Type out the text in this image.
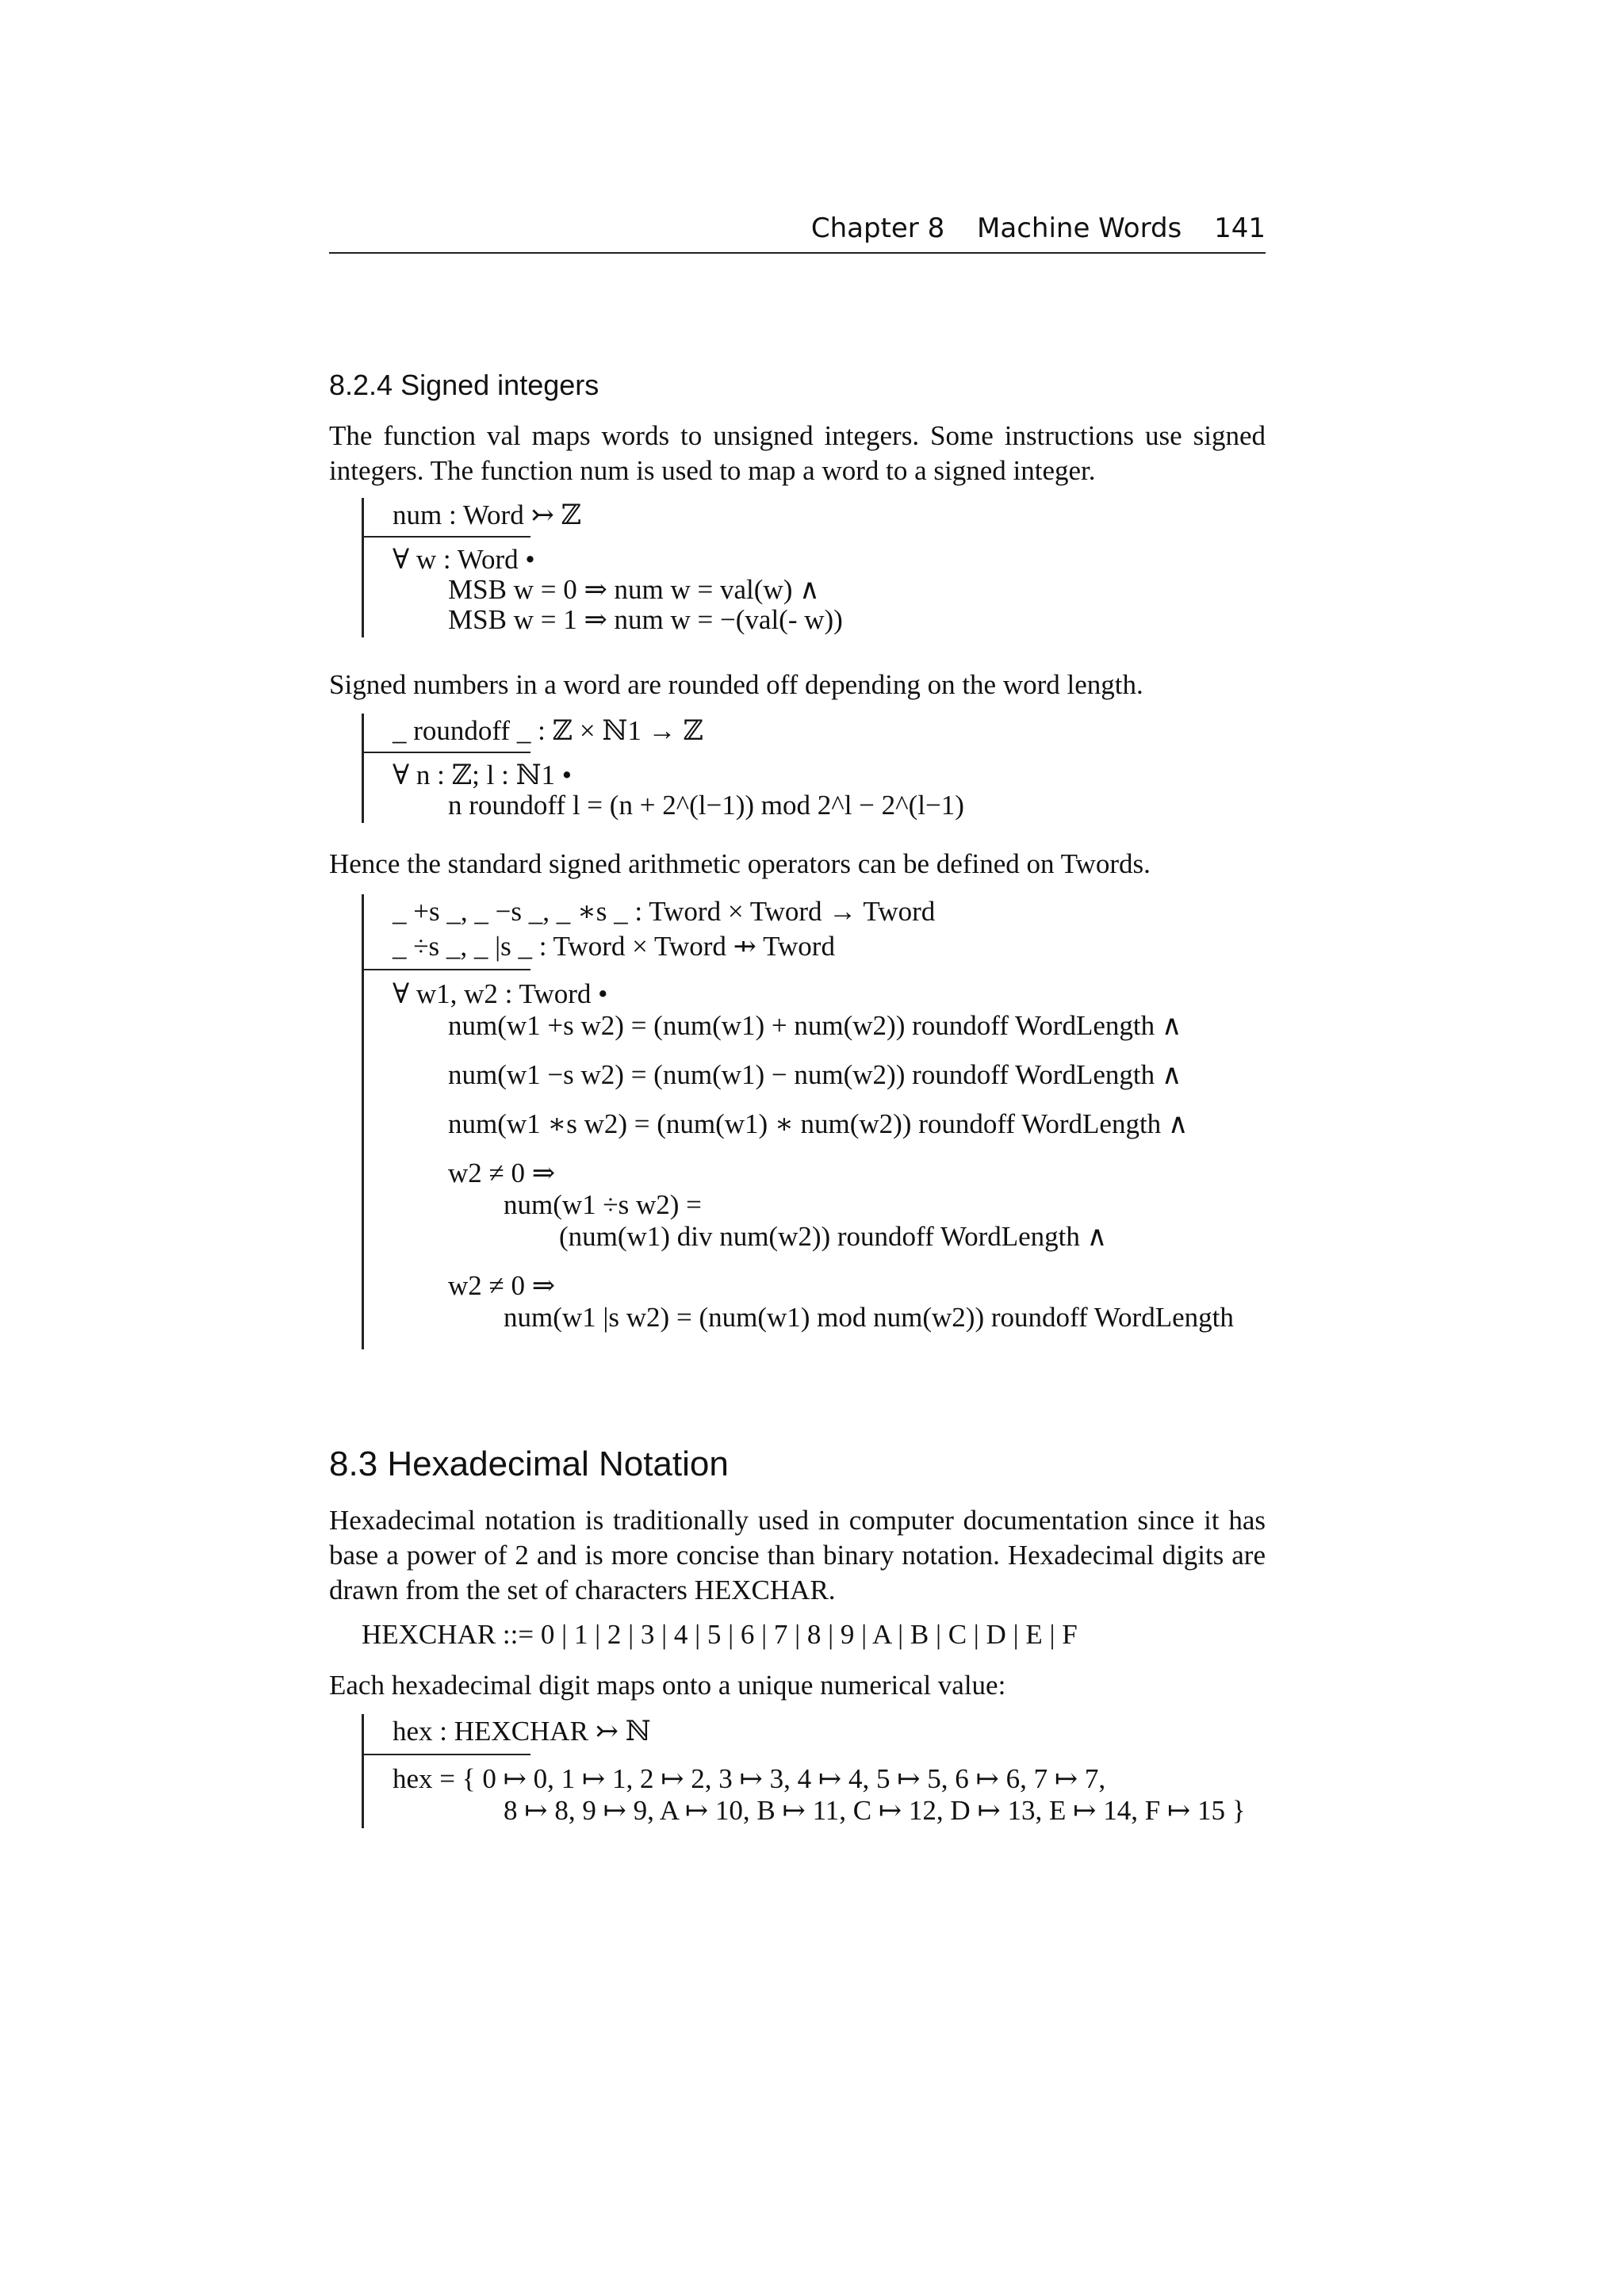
Chapter 8 Machine Words 141
8.2.4 Signed integers
The function val maps words to unsigned integers. Some instructions use signed integers. The function num is used to map a word to a signed integer.
num : Word ↣ ℤ
∀ w : Word •
MSB w = 0 ⇒ num w = val(w) ∧
MSB w = 1 ⇒ num w = −(val(- w))
Signed numbers in a word are rounded off depending on the word length.
_ roundoff _ : ℤ × ℕ1 → ℤ
∀ n : ℤ; l : ℕ1 •
n roundoff l = (n + 2^(l−1)) mod 2^l − 2^(l−1)
Hence the standard signed arithmetic operators can be defined on Twords.
_ +s _, _ −s _, _ ∗s _ : Tword × Tword → Tword
_ ÷s _, _ |s _ : Tword × Tword ⇸ Tword
∀ w1, w2 : Tword •
num(w1 +s w2) = (num(w1) + num(w2)) roundoff WordLength ∧
num(w1 −s w2) = (num(w1) − num(w2)) roundoff WordLength ∧
num(w1 ∗s w2) = (num(w1) ∗ num(w2)) roundoff WordLength ∧
w2 ≠ 0 ⇒
num(w1 ÷s w2) =
(num(w1) div num(w2)) roundoff WordLength ∧
w2 ≠ 0 ⇒
num(w1 |s w2) = (num(w1) mod num(w2)) roundoff WordLength
8.3 Hexadecimal Notation
Hexadecimal notation is traditionally used in computer documentation since it has base a power of 2 and is more concise than binary notation. Hexadecimal digits are drawn from the set of characters HEXCHAR.
HEXCHAR ::= 0 | 1 | 2 | 3 | 4 | 5 | 6 | 7 | 8 | 9 | A | B | C | D | E | F
Each hexadecimal digit maps onto a unique numerical value:
hex : HEXCHAR ↣ ℕ
hex = { 0 ↦ 0, 1 ↦ 1, 2 ↦ 2, 3 ↦ 3, 4 ↦ 4, 5 ↦ 5, 6 ↦ 6, 7 ↦ 7,
8 ↦ 8, 9 ↦ 9, A ↦ 10, B ↦ 11, C ↦ 12, D ↦ 13, E ↦ 14, F ↦ 15 }
